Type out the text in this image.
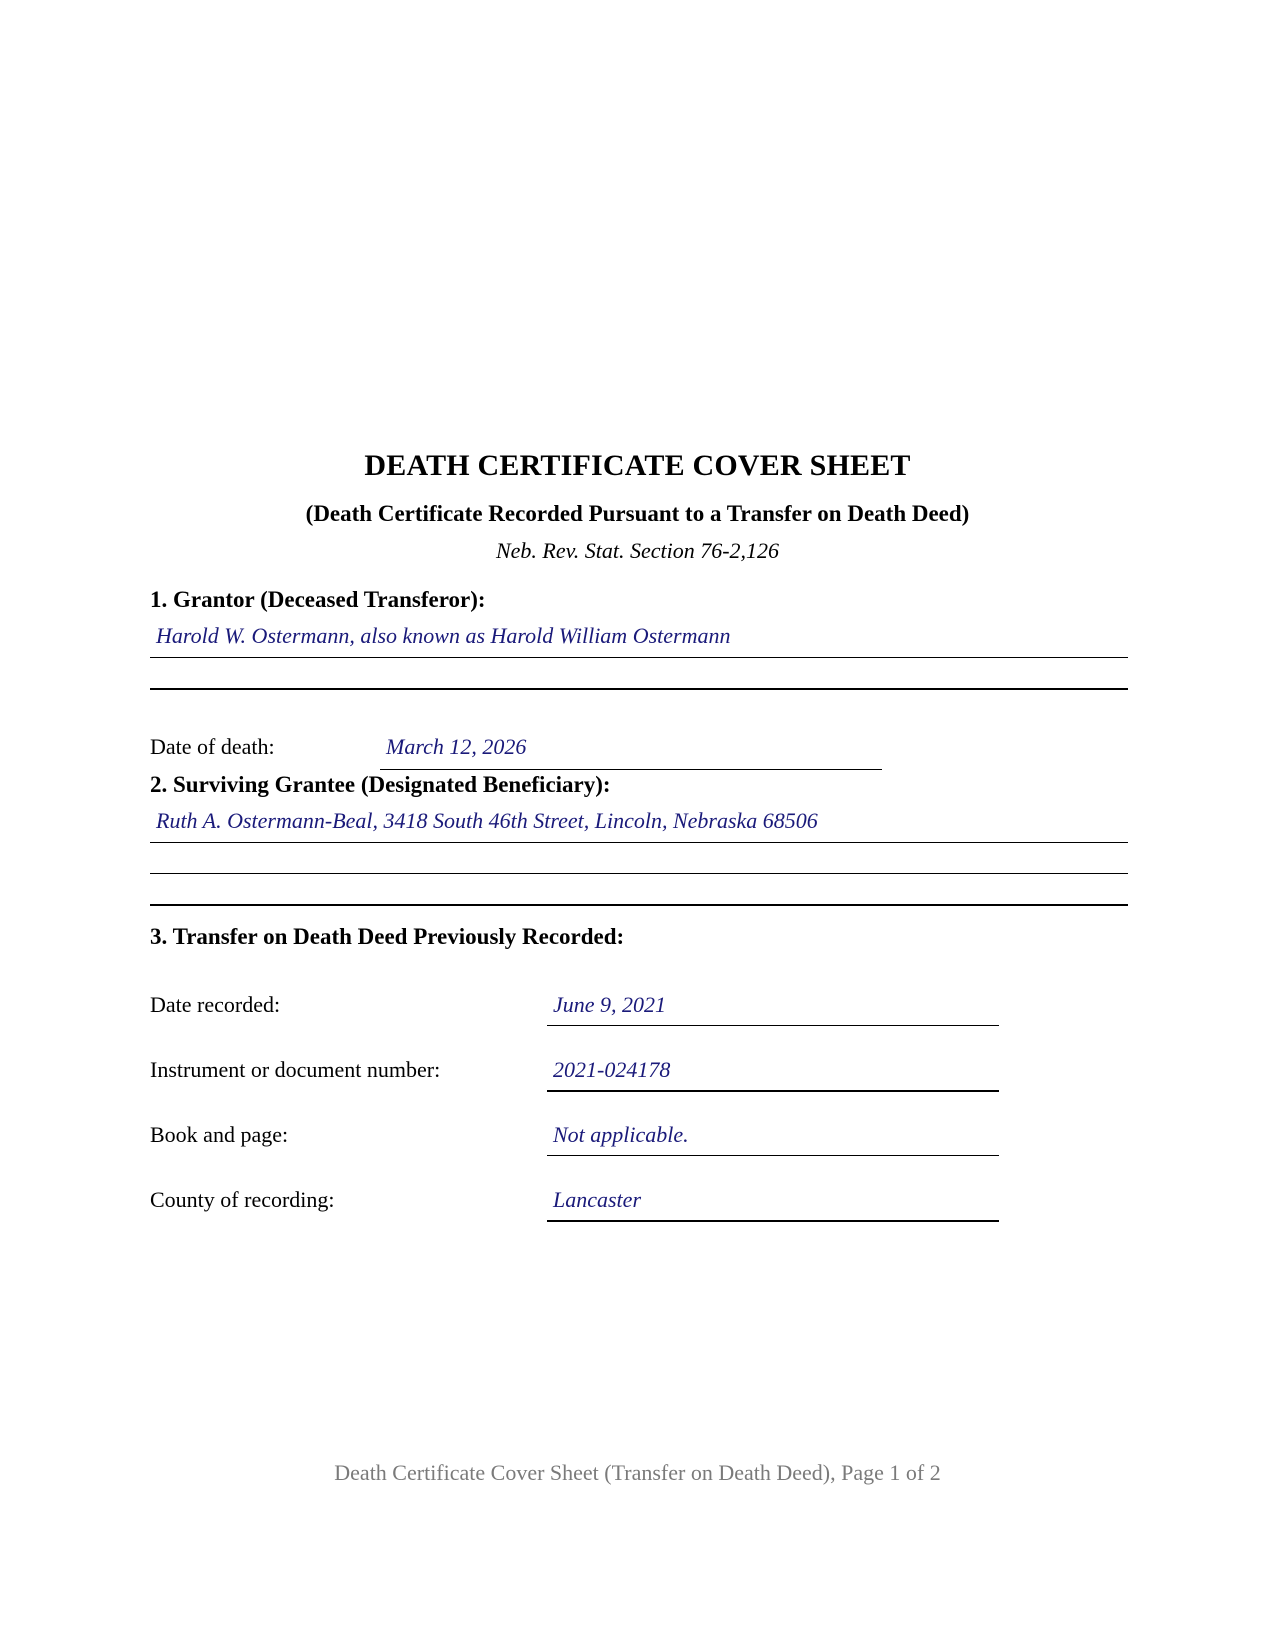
DEATH CERTIFICATE COVER SHEET
(Death Certificate Recorded Pursuant to a Transfer on Death Deed)
Neb. Rev. Stat. Section 76-2,126
1. Grantor (Deceased Transferor):
Harold W. Ostermann, also known as Harold William Ostermann
Date of death:	March 12, 2026
2. Surviving Grantee (Designated Beneficiary):
Ruth A. Ostermann-Beal, 3418 South 46th Street, Lincoln, Nebraska 68506
3. Transfer on Death Deed Previously Recorded:
Date recorded:	June 9, 2021
Instrument or document number:	2021-024178
Book and page:	Not applicable.
County of recording:	Lancaster
Death Certificate Cover Sheet (Transfer on Death Deed), Page 1 of 2
